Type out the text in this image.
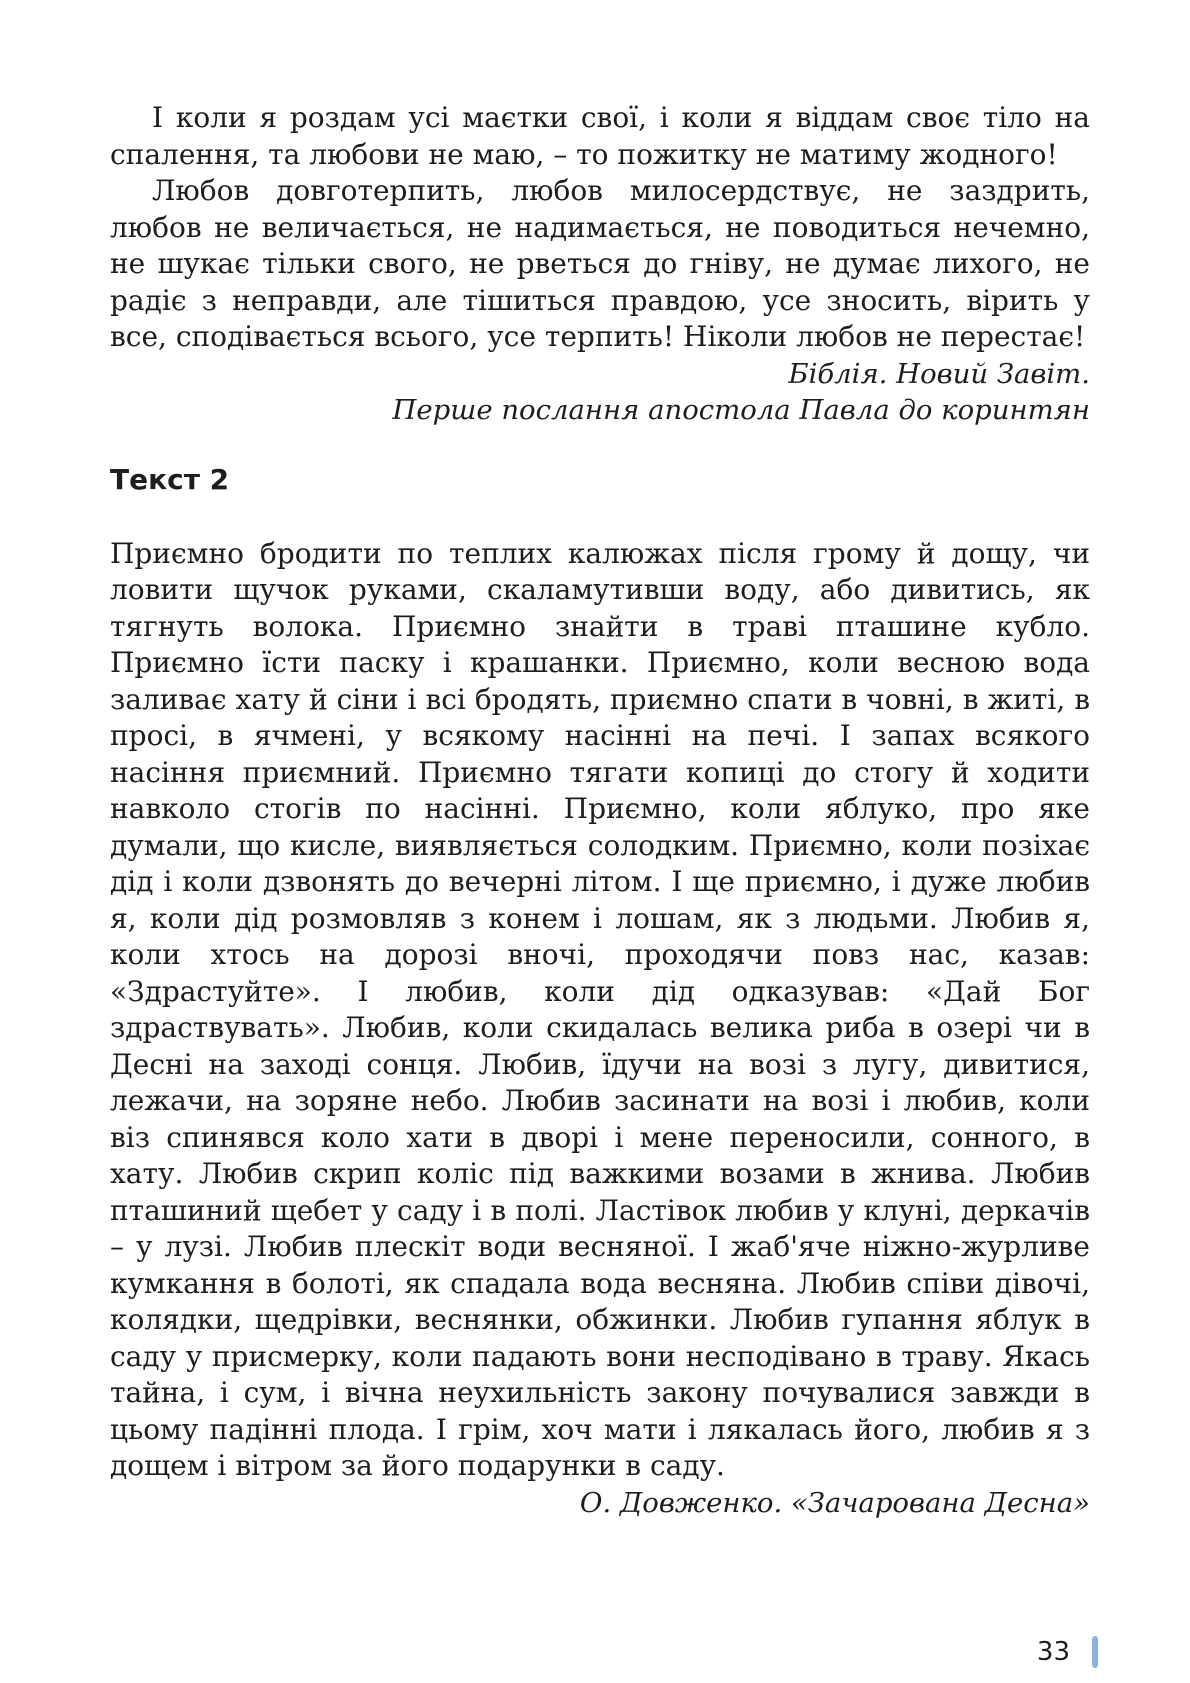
І коли я роздам усі маєтки свої, і коли я віддам своє тіло на спалення, та любови не маю, – то пожитку не матиму жодного!

Любов довготерпить, любов милосердствує, не заздрить, любов не величається, не надимається, не поводиться нечемно, не шукає тільки свого, не рветься до гніву, не думає лихого, не радіє з неправди, але тішиться правдою, усе зносить, вірить у все, сподівається всього, усе терпить! Ніколи любов не перестає!

Біблія. Новий Завіт.

Перше послання апостола Павла до коринтян

Текст 2

Приємно бродити по теплих калюжах після грому й дощу, чи ловити щучок руками, скаламутивши воду, або дивитись, як тягнуть волока. Приємно знайти в траві пташине кубло. Приємно їсти паску і крашанки. Приємно, коли весною вода заливає хату й сіни і всі бродять, приємно спати в човні, в житі, в просі, в ячмені, у всякому насінні на печі. І запах всякого насіння приємний. Приємно тягати копиці до стогу й ходити навколо стогів по насінні. Приємно, коли яблуко, про яке думали, що кисле, виявляється солодким. Приємно, коли позіхає дід і коли дзвонять до вечерні літом. І ще приємно, і дуже любив я, коли дід розмовляв з конем і лошам, як з людьми. Любив я, коли хтось на дорозі вночі, проходячи повз нас, казав: «Здрастуйте». І любив, коли дід одказував: «Дай Бог здраствувать». Любив, коли скидалась велика риба в озері чи в Десні на заході сонця. Любив, їдучи на возі з лугу, дивитися, лежачи, на зоряне небо. Любив засинати на возі і любив, коли віз спинявся коло хати в дворі і мене переносили, сонного, в хату. Любив скрип коліс під важкими возами в жнива. Любив пташиний щебет у саду і в полі. Ластівок любив у клуні, деркачів – у лузі. Любив плескіт води весняної. І жаб'яче ніжно-журливе кумкання в болоті, як спадала вода весняна. Любив співи дівочі, колядки, щедрівки, веснянки, обжинки. Любив гупання яблук в саду у присмерку, коли падають вони несподівано в траву. Якась тайна, і сум, і вічна неухильність закону почувалися завжди в цьому падінні плода. І грім, хоч мати і лякалась його, любив я з дощем і вітром за його подарунки в саду.

О. Довженко. «Зачарована Десна»

33
